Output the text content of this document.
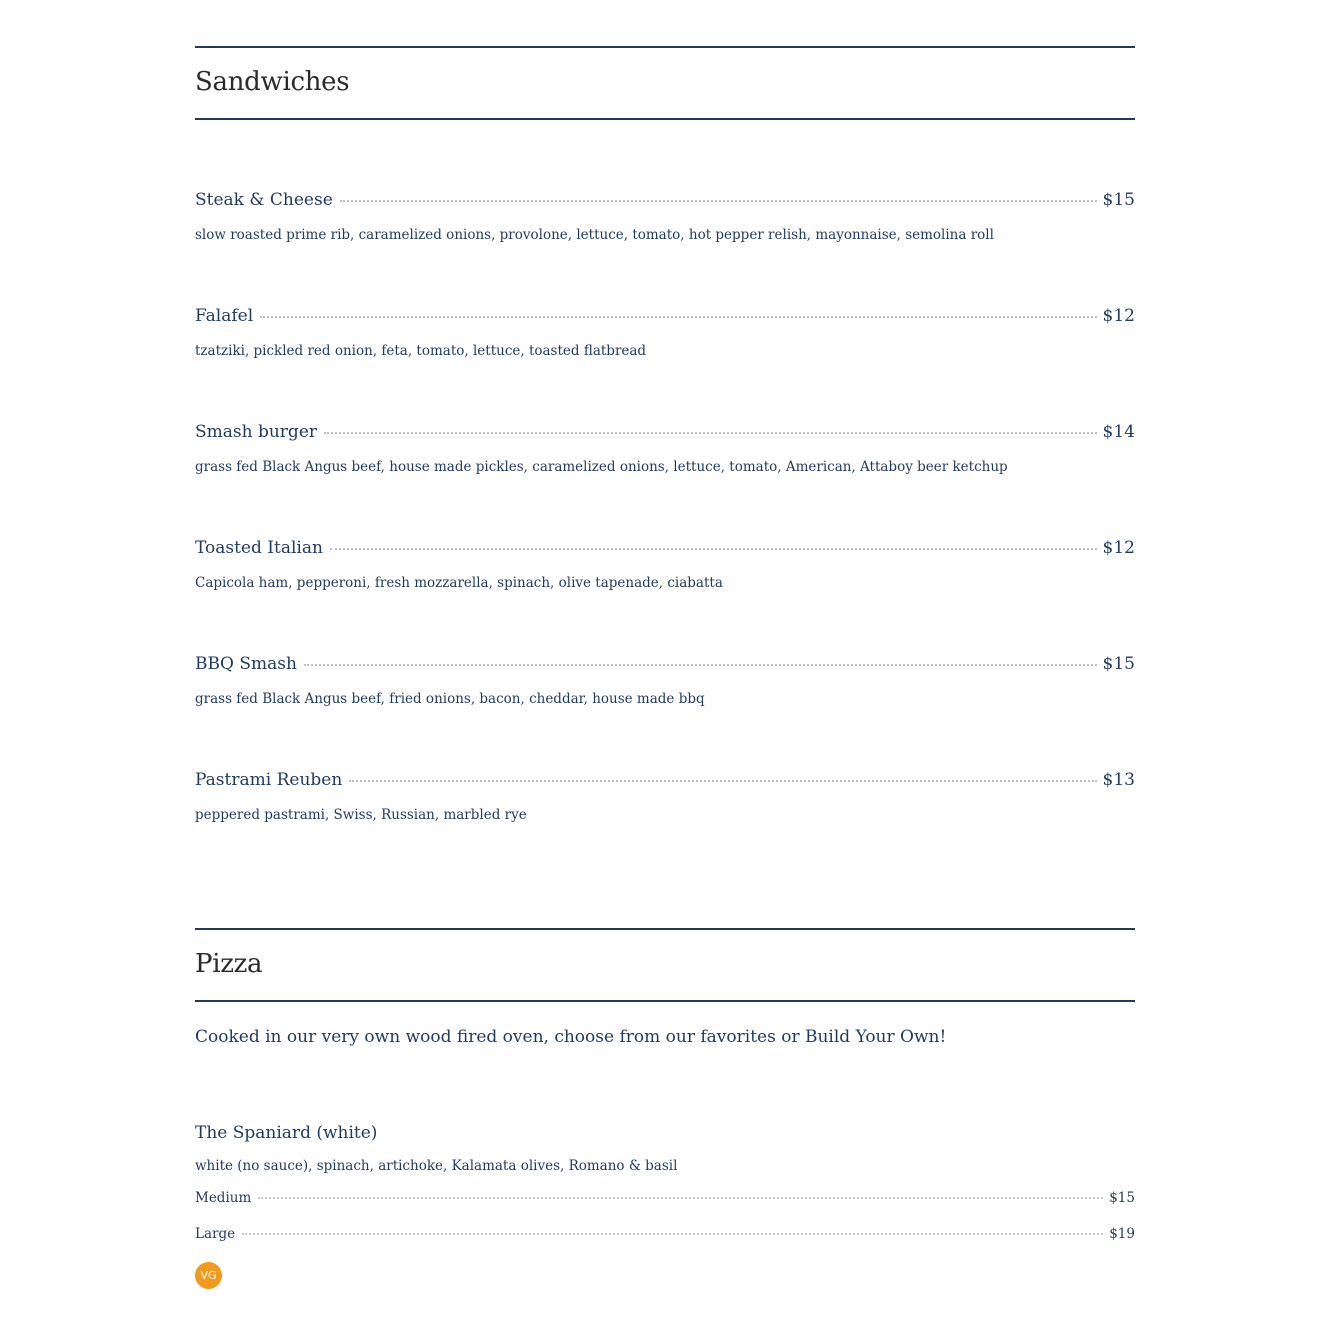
Sandwiches
Steak & Cheese	$15
slow roasted prime rib, caramelized onions, provolone, lettuce, tomato, hot pepper relish, mayonnaise, semolina roll
Falafel	$12
tzatziki, pickled red onion, feta, tomato, lettuce, toasted flatbread
Smash burger	$14
grass fed Black Angus beef, house made pickles, caramelized onions, lettuce, tomato, American, Attaboy beer ketchup
Toasted Italian	$12
Capicola ham, pepperoni, fresh mozzarella, spinach, olive tapenade, ciabatta
BBQ Smash	$15
grass fed Black Angus beef, fried onions, bacon, cheddar, house made bbq
Pastrami Reuben	$13
peppered pastrami, Swiss, Russian, marbled rye
Pizza
Cooked in our very own wood fired oven, choose from our favorites or Build Your Own!
The Spaniard (white)
white (no sauce), spinach, artichoke, Kalamata olives, Romano & basil
Medium	$15
Large	$19
VG
